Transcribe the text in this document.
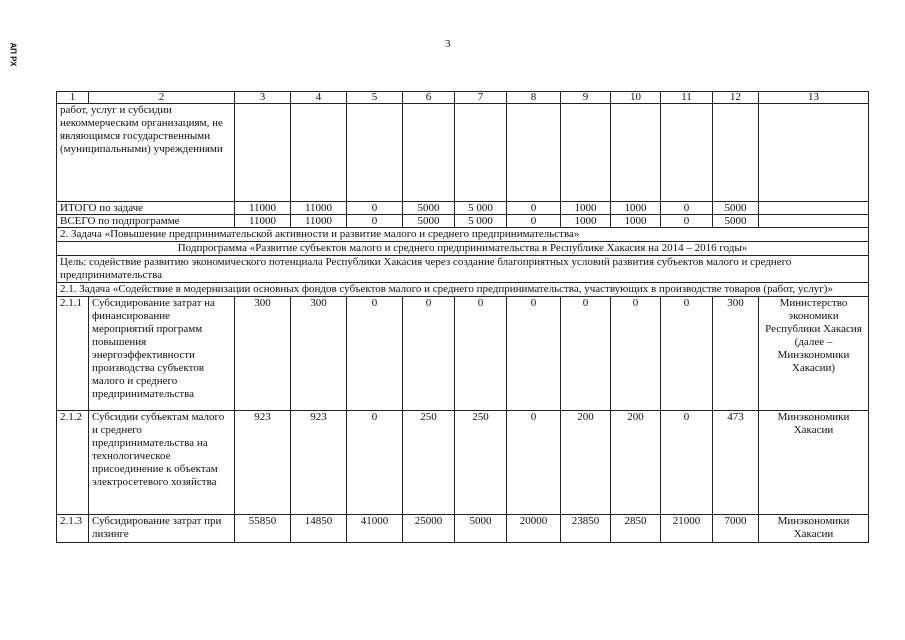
3
АП РХ
1	2	3	4	5	6	7	8	9	10	11	12	13
работ, услуг и субсидии некоммерческим организациям, не являющимся государственными (муниципальными) учреждениями												
ИТОГО по задаче		11000	11000	0	5000	5 000	0	1000	1000	0	5000	
ВСЕГО по подпрограмме		11000	11000	0	5000	5 000	0	1000	1000	0	5000	
2. Задача «Повышение предпринимательской активности и развитие малого и среднего предпринимательства»												
Подпрограмма «Развитие субъектов малого и среднего предпринимательства в Республике Хакасия на 2014 – 2016 годы»												
Цель: содействие развитию экономического потенциала Республики Хакасия через создание благоприятных условий развития субъектов малого и среднего предпринимательства												
2.1. Задача «Содействие в модернизации основных фондов субъектов малого и среднего предпринимательства, участвующих в производстве товаров (работ, услуг)»												
2.1.1	Субсидирование затрат на финансирование мероприятий программ повышения энергоэффективности производства субъектов малого и среднего предпринимательства	300	300	0	0	0	0	0	0	0	300	Министерство экономики Республики Хакасия (далее – Минэкономики Хакасии)
2.1.2	Субсидии субъектам малого и среднего предпринимательства на технологическое присоединение к объектам электросетевого хозяйства	923	923	0	250	250	0	200	200	0	473	Минэкономики Хакасии
2.1.3	Субсидирование затрат при лизинге	55850	14850	41000	25000	5000	20000	23850	2850	21000	7000	Минэкономики Хакасии
